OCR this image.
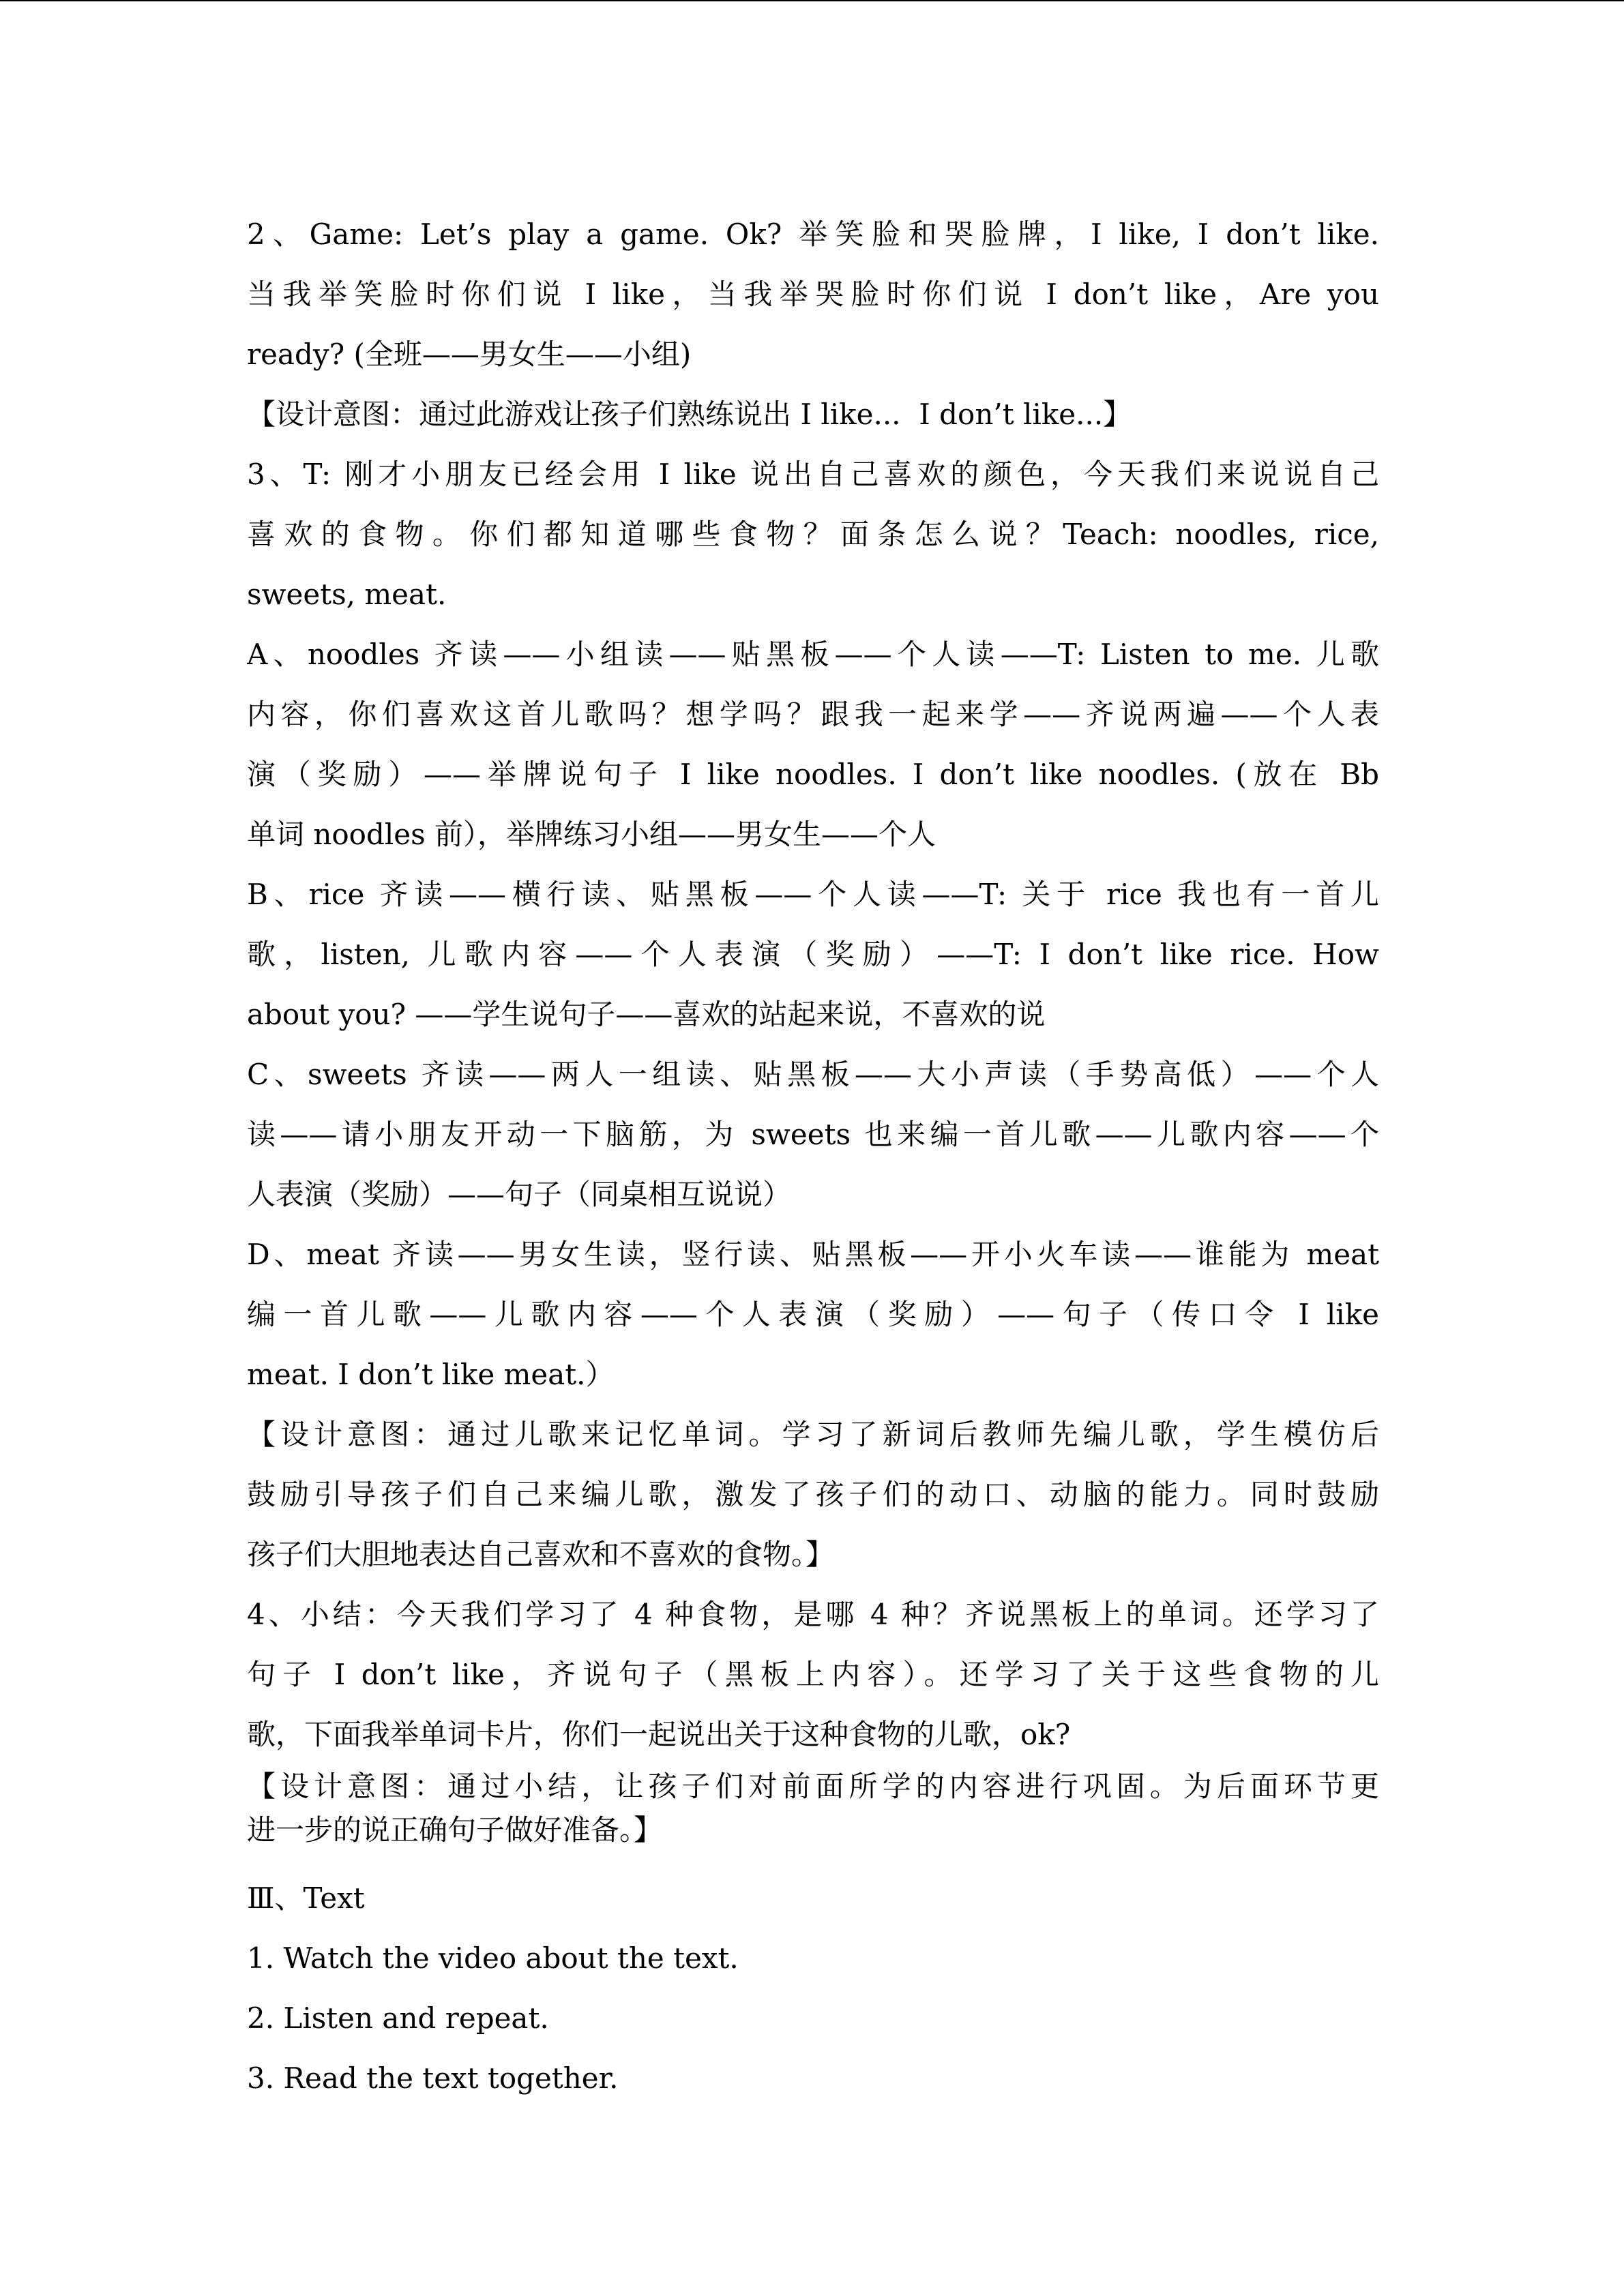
2、Game: Let’s play a game. Ok? 举笑脸和哭脸牌，I like, I don’t like.
当我举笑脸时你们说 I like，当我举哭脸时你们说 I don’t like，Are you
ready? (全班——男女生——小组)
【设计意图：通过此游戏让孩子们熟练说出 I like...  I don’t like...】
3、T: 刚才小朋友已经会用 I like 说出自己喜欢的颜色，今天我们来说说自己
喜欢的食物。你们都知道哪些食物？面条怎么说？Teach: noodles, rice,
sweets, meat.
A、noodles 齐读——小组读——贴黑板——个人读——T: Listen to me. 儿歌
内容，你们喜欢这首儿歌吗？想学吗？跟我一起来学——齐说两遍——个人表
演（奖励）——举牌说句子 I like noodles. I don’t like noodles. (放在 Bb
单词 noodles 前），举牌练习小组——男女生——个人
B、rice 齐读——横行读、贴黑板——个人读——T: 关于 rice 我也有一首儿
歌，listen, 儿歌内容——个人表演（奖励）——T: I don’t like rice. How
about you? ——学生说句子——喜欢的站起来说，不喜欢的说
C、sweets 齐读——两人一组读、贴黑板——大小声读（手势高低）——个人
读——请小朋友开动一下脑筋，为 sweets 也来编一首儿歌——儿歌内容——个
人表演（奖励）——句子（同桌相互说说）
D、meat 齐读——男女生读，竖行读、贴黑板——开小火车读——谁能为 meat
编一首儿歌——儿歌内容——个人表演（奖励）——句子（传口令 I like
meat. I don’t like meat.）
【设计意图：通过儿歌来记忆单词。学习了新词后教师先编儿歌，学生模仿后
鼓励引导孩子们自己来编儿歌，激发了孩子们的动口、动脑的能力。同时鼓励
孩子们大胆地表达自己喜欢和不喜欢的食物。】
4、小结：今天我们学习了 4 种食物，是哪 4 种？齐说黑板上的单词。还学习了
句子 I don’t like，齐说句子（黑板上内容）。还学习了关于这些食物的儿
歌，下面我举单词卡片，你们一起说出关于这种食物的儿歌，ok?
【设计意图：通过小结，让孩子们对前面所学的内容进行巩固。为后面环节更
进一步的说正确句子做好准备。】
Ⅲ、Text
1. Watch the video about the text.
2. Listen and repeat.
3. Read the text together.
